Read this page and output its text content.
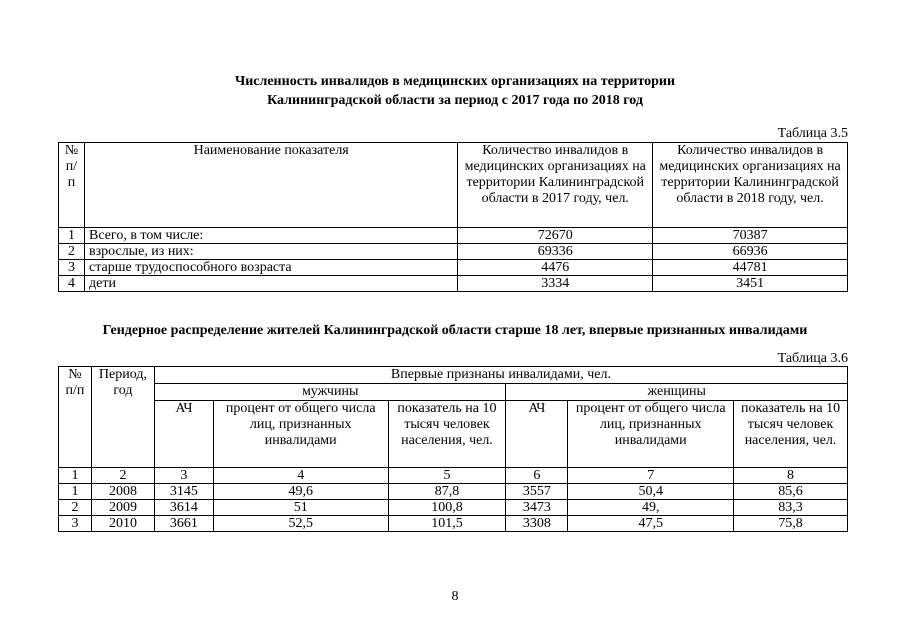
Численность инвалидов в медицинских организациях на территории
Калининградской области за период с 2017 года по 2018 год
Таблица 3.5
№ п/п	Наименование показателя	Количество инвалидов в медицинских организациях на территории Калининградской области в 2017 году, чел.	Количество инвалидов в медицинских организациях на территории Калининградской области в 2018 году, чел.
1	Всего, в том числе:	72670	70387
2	взрослые, из них:	69336	66936
3	старше трудоспособного возраста	4476	44781
4	дети	3334	3451
Гендерное распределение жителей Калининградской области старше 18 лет, впервые признанных инвалидами
Таблица 3.6
№ п/п	Период, год	Впервые признаны инвалидами, чел.					
		мужчины			женщины		
		АЧ	процент от общего числа лиц, признанных инвалидами	показатель на 10 тысяч человек населения, чел.	АЧ	процент от общего числа лиц, признанных инвалидами	показатель на 10 тысяч человек населения, чел.
1	2	3	4	5	6	7	8
1	2008	3145	49,6	87,8	3557	50,4	85,6
2	2009	3614	51	100,8	3473	49,	83,3
3	2010	3661	52,5	101,5	3308	47,5	75,8
8
